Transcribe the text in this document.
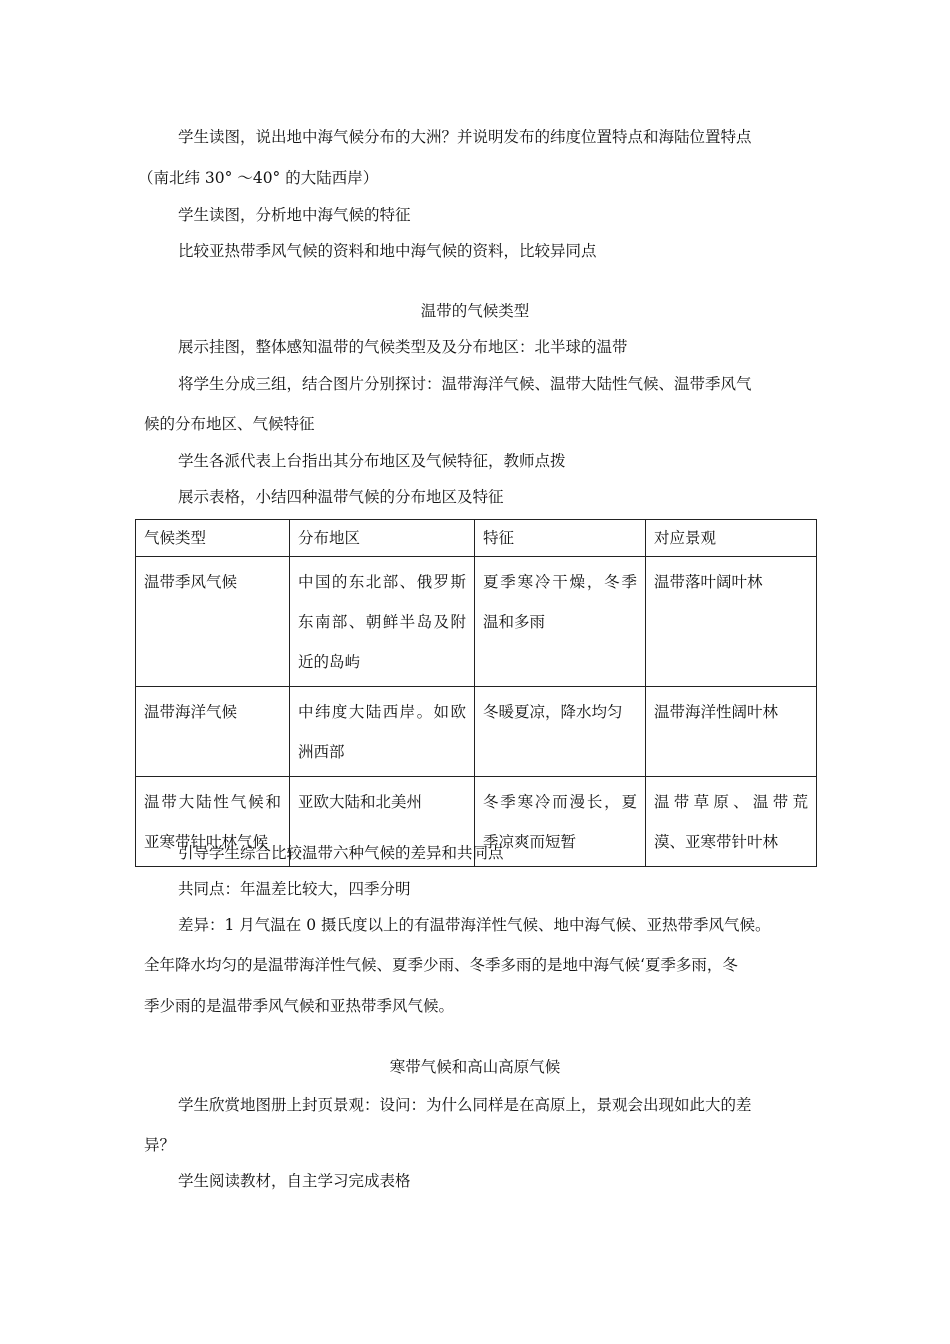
学生读图，说出地中海气候分布的大洲？并说明发布的纬度位置特点和海陆位置特点
（南北纬 30° ～40° 的大陆西岸）
学生读图，分析地中海气候的特征
比较亚热带季风气候的资料和地中海气候的资料，比较异同点
温带的气候类型
展示挂图，整体感知温带的气候类型及及分布地区：北半球的温带
将学生分成三组，结合图片分别探讨：温带海洋气候、温带大陆性气候、温带季风气
候的分布地区、气候特征
学生各派代表上台指出其分布地区及气候特征，教师点拨
展示表格，小结四种温带气候的分布地区及特征
气候类型	分布地区	特征	对应景观
温带季风气候	中国的东北部、俄罗斯东南部、朝鲜半岛及附近的岛屿	夏季寒冷干燥，冬季温和多雨	温带落叶阔叶林
温带海洋气候	中纬度大陆西岸。如欧洲西部	冬暖夏凉，降水均匀	温带海洋性阔叶林
温带大陆性气候和亚寒带针叶林气候	亚欧大陆和北美州	冬季寒冷而漫长，夏季凉爽而短暂	温带草原、温带荒漠、亚寒带针叶林
引导学生综合比较温带六种气候的差异和共同点
共同点：年温差比较大，四季分明
差异：1 月气温在 0 摄氏度以上的有温带海洋性气候、地中海气候、亚热带季风气候。
全年降水均匀的是温带海洋性气候、夏季少雨、冬季多雨的是地中海气候‘夏季多雨，冬
季少雨的是温带季风气候和亚热带季风气候。
寒带气候和高山高原气候
学生欣赏地图册上封页景观：设问：为什么同样是在高原上，景观会出现如此大的差
异？
学生阅读教材，自主学习完成表格
